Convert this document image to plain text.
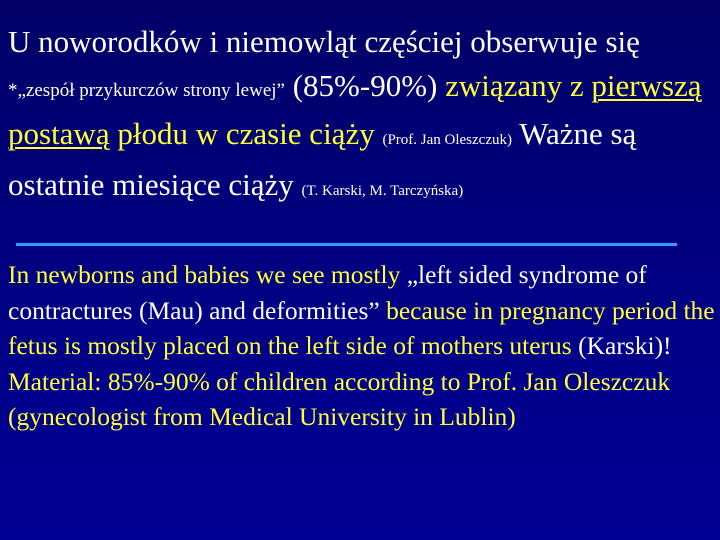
U noworodków i niemowląt częściej obserwuje się *„zespół przykurczów strony lewej” (85%-90%) związany z pierwszą postawą płodu w czasie ciąży (Prof. Jan Oleszczuk) Ważne są ostatnie miesiące ciąży (T. Karski, M. Tarczyńska)

In newborns and babies we see mostly „left sided syndrome of contractures (Mau) and deformities” because in pregnancy period the fetus is mostly placed on the left side of mothers uterus (Karski)! Material: 85%-90% of children according to Prof. Jan Oleszczuk (gynecologist from Medical University in Lublin)
